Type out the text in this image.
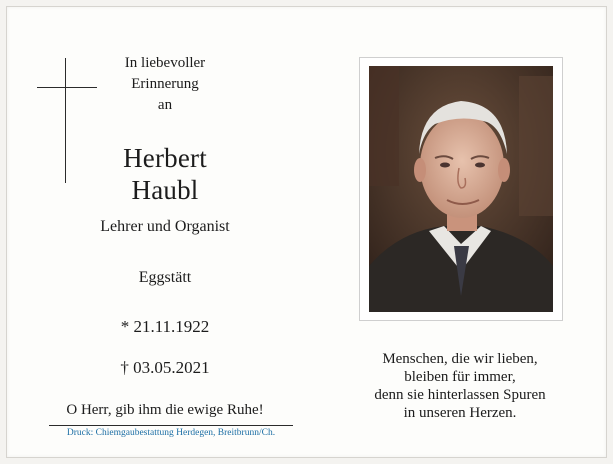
In liebevoller
Erinnerung
an
Herbert
Haubl
Lehrer und Organist
Eggstätt
* 21.11.1922
† 03.05.2021
O Herr, gib ihm die ewige Ruhe!
Druck: Chiemgaubestattung Herdegen, Breitbrunn/Ch.
Menschen, die wir lieben,
bleiben für immer,
denn sie hinterlassen Spuren
in unseren Herzen.
